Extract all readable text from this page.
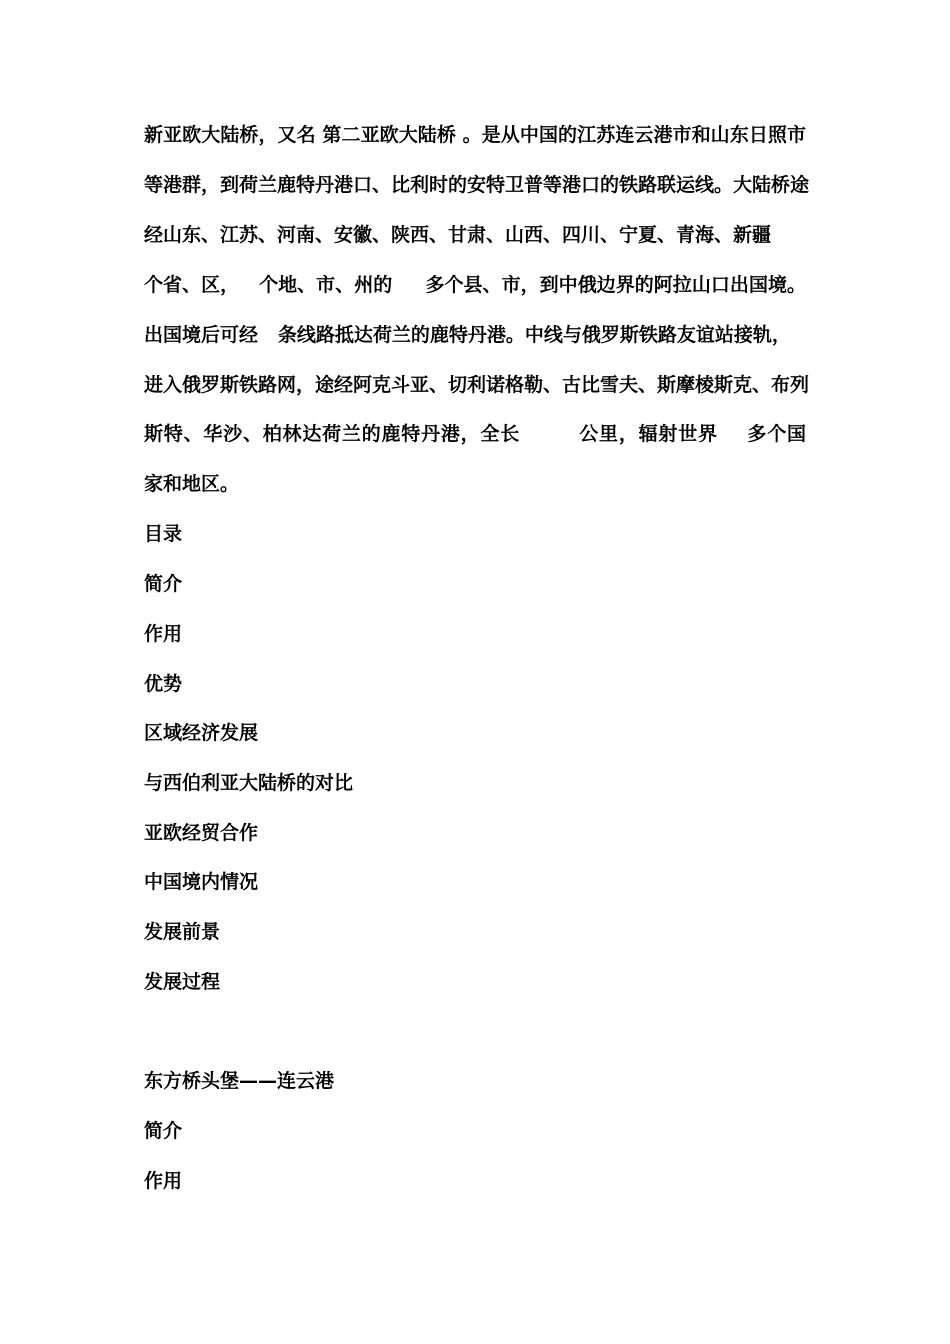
新亚欧大陆桥，又名 第二亚欧大陆桥 。是从中国的江苏连云港市和山东日照市
等港群，到荷兰鹿特丹港口、比利时的安特卫普等港口的铁路联运线。大陆桥途
经山东、江苏、河南、安徽、陕西、甘肃、山西、四川、宁夏、青海、新疆
个省、区，   个地、市、州的     多个县、市，到中俄边界的阿拉山口出国境。
出国境后可经   条线路抵达荷兰的鹿特丹港。中线与俄罗斯铁路友谊站接轨，
进入俄罗斯铁路网，途经阿克斗亚、切利诺格勒、古比雪夫、斯摩棱斯克、布列
斯特、华沙、柏林达荷兰的鹿特丹港，全长        公里，辐射世界    多个国
家和地区。
目录
简介
作用
优势
区域经济发展
与西伯利亚大陆桥的对比
亚欧经贸合作
中国境内情况
发展前景
发展过程
东方桥头堡——连云港
简介
作用
